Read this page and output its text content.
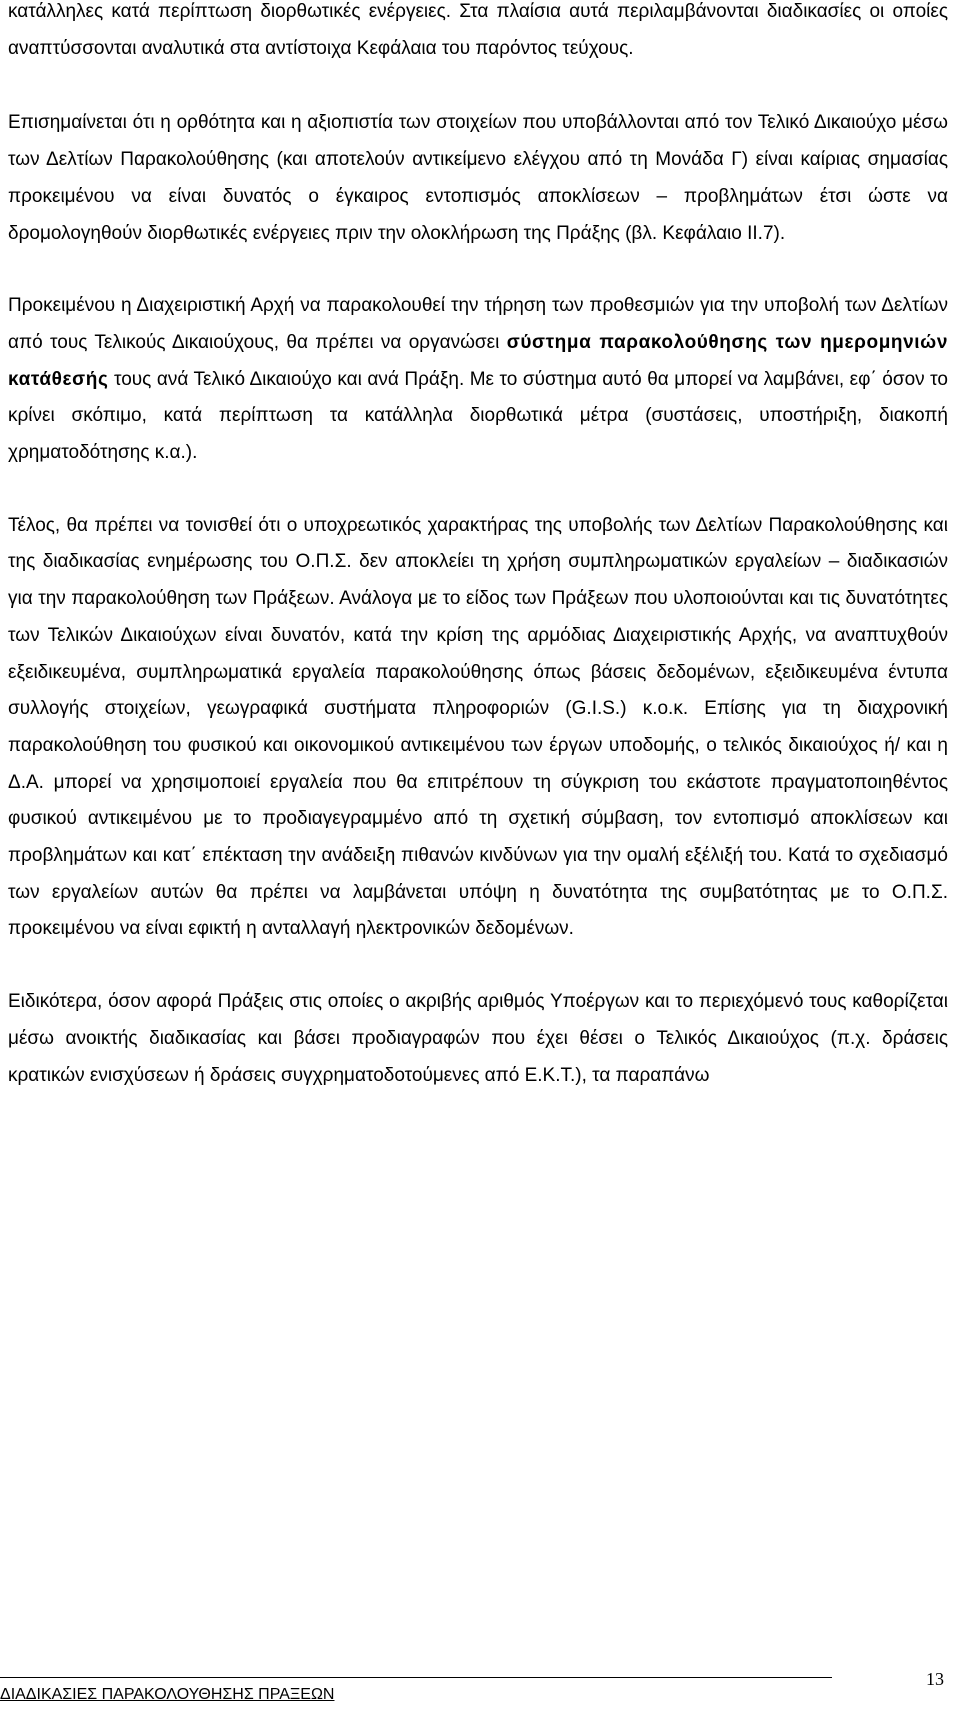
κατάλληλες κατά περίπτωση διορθωτικές ενέργειες. Στα πλαίσια αυτά περιλαμβάνονται διαδικασίες οι οποίες αναπτύσσονται αναλυτικά στα αντίστοιχα Κεφάλαια του παρόντος τεύχους.

Επισημαίνεται ότι η ορθότητα και η αξιοπιστία των στοιχείων που υποβάλλονται από τον Τελικό Δικαιούχο μέσω των Δελτίων Παρακολούθησης (και αποτελούν αντικείμενο ελέγχου από τη Μονάδα Γ) είναι καίριας σημασίας προκειμένου να είναι δυνατός ο έγκαιρος εντοπισμός αποκλίσεων – προβλημάτων έτσι ώστε να δρομολογηθούν διορθωτικές ενέργειες πριν την ολοκλήρωση της Πράξης (βλ. Κεφάλαιο ΙΙ.7).

Προκειμένου η Διαχειριστική Αρχή να παρακολουθεί την τήρηση των προθεσμιών για την υποβολή των Δελτίων από τους Τελικούς Δικαιούχους, θα πρέπει να οργανώσει σύστημα παρακολούθησης των ημερομηνιών κατάθεσής τους ανά Τελικό Δικαιούχο και ανά Πράξη. Με το σύστημα αυτό θα μπορεί να λαμβάνει, εφ΄ όσον το κρίνει σκόπιμο, κατά περίπτωση τα κατάλληλα διορθωτικά μέτρα (συστάσεις, υποστήριξη, διακοπή χρηματοδότησης κ.α.).

Τέλος, θα πρέπει να τονισθεί ότι ο υποχρεωτικός χαρακτήρας της υποβολής των Δελτίων Παρακολούθησης και της διαδικασίας ενημέρωσης του Ο.Π.Σ. δεν αποκλείει τη χρήση συμπληρωματικών εργαλείων – διαδικασιών για την παρακολούθηση των Πράξεων. Ανάλογα με το είδος των Πράξεων που υλοποιούνται και τις δυνατότητες των Τελικών Δικαιούχων είναι δυνατόν, κατά την κρίση της αρμόδιας Διαχειριστικής Αρχής, να αναπτυχθούν εξειδικευμένα, συμπληρωματικά εργαλεία παρακολούθησης όπως βάσεις δεδομένων, εξειδικευμένα έντυπα συλλογής στοιχείων, γεωγραφικά συστήματα πληροφοριών (G.I.S.) κ.ο.κ. Επίσης για τη διαχρονική παρακολούθηση του φυσικού και οικονομικού αντικειμένου των έργων υποδομής, ο τελικός δικαιούχος ή/ και η Δ.Α. μπορεί να χρησιμοποιεί εργαλεία που θα επιτρέπουν τη σύγκριση του εκάστοτε πραγματοποιηθέντος φυσικού αντικειμένου με το προδιαγεγραμμένο από τη σχετική σύμβαση, τον εντοπισμό αποκλίσεων και προβλημάτων και κατ΄ επέκταση την ανάδειξη πιθανών κινδύνων για την ομαλή εξέλιξή του. Κατά το σχεδιασμό των εργαλείων αυτών θα πρέπει να λαμβάνεται υπόψη η δυνατότητα της συμβατότητας με το Ο.Π.Σ. προκειμένου να είναι εφικτή η ανταλλαγή ηλεκτρονικών δεδομένων.

Ειδικότερα, όσον αφορά Πράξεις στις οποίες ο ακριβής αριθμός Υποέργων και το περιεχόμενό τους καθορίζεται μέσω ανοικτής διαδικασίας και βάσει προδιαγραφών που έχει θέσει ο Τελικός Δικαιούχος (π.χ. δράσεις κρατικών ενισχύσεων ή δράσεις συγχρηματοδοτούμενες από Ε.Κ.Τ.), τα παραπάνω

ΔΙΑΔΙΚΑΣΙΕΣ ΠΑΡΑΚΟΛΟΥΘΗΣΗΣ ΠΡΑΞΕΩΝ
13
